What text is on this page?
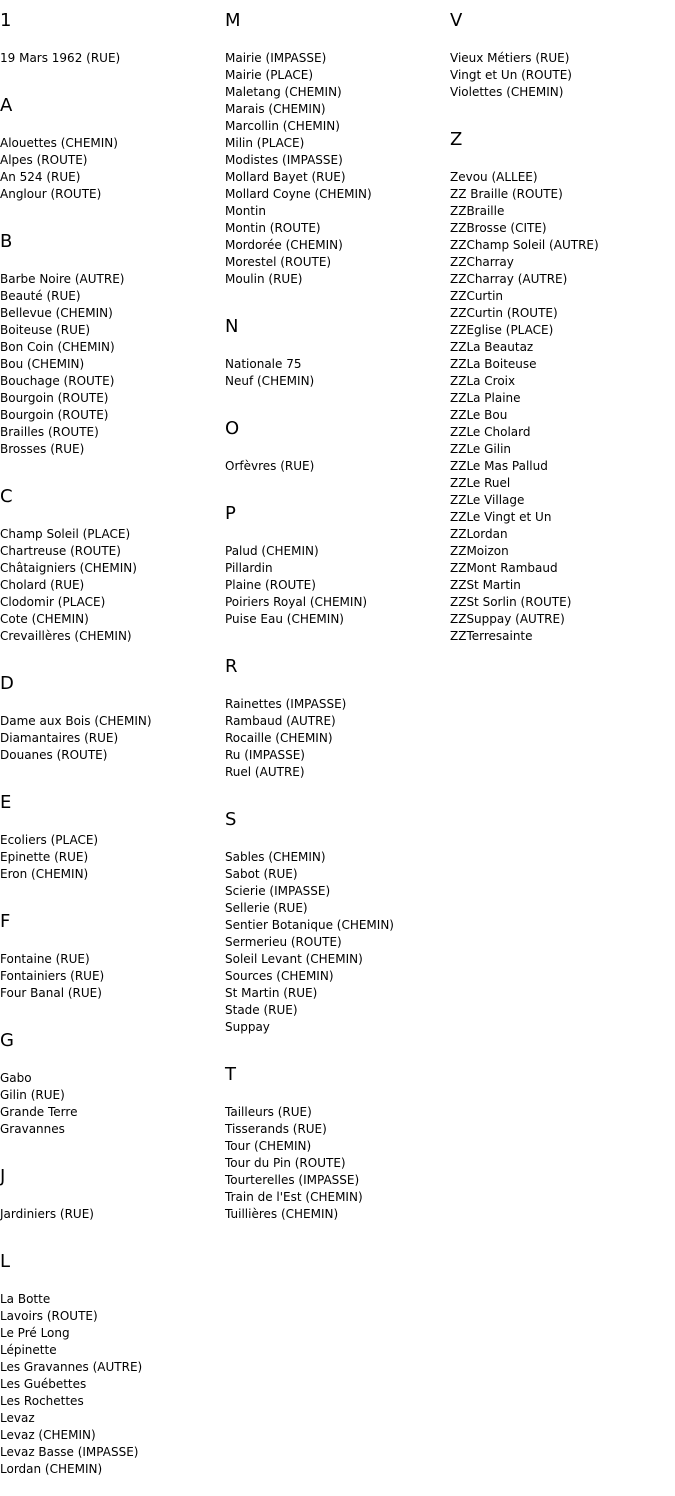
1
19 Mars 1962 (RUE)
A
Alouettes (CHEMIN)
Alpes (ROUTE)
An 524 (RUE)
Anglour (ROUTE)
B
Barbe Noire (AUTRE)
Beauté (RUE)
Bellevue (CHEMIN)
Boiteuse (RUE)
Bon Coin (CHEMIN)
Bou (CHEMIN)
Bouchage (ROUTE)
Bourgoin (ROUTE)
Bourgoin (ROUTE)
Brailles (ROUTE)
Brosses (RUE)
C
Champ Soleil (PLACE)
Chartreuse (ROUTE)
Châtaigniers (CHEMIN)
Cholard (RUE)
Clodomir (PLACE)
Cote (CHEMIN)
Crevaillères (CHEMIN)
D
Dame aux Bois (CHEMIN)
Diamantaires (RUE)
Douanes (ROUTE)
E
Ecoliers (PLACE)
Epinette (RUE)
Eron (CHEMIN)
F
Fontaine (RUE)
Fontainiers (RUE)
Four Banal (RUE)
G
Gabo
Gilin (RUE)
Grande Terre
Gravannes
J
Jardiniers (RUE)
L
La Botte
Lavoirs (ROUTE)
Le Pré Long
Lépinette
Les Gravannes (AUTRE)
Les Guébettes
Les Rochettes
Levaz
Levaz (CHEMIN)
Levaz Basse (IMPASSE)
Lordan (CHEMIN)
M
Mairie (IMPASSE)
Mairie (PLACE)
Maletang (CHEMIN)
Marais (CHEMIN)
Marcollin (CHEMIN)
Milin (PLACE)
Modistes (IMPASSE)
Mollard Bayet (RUE)
Mollard Coyne (CHEMIN)
Montin
Montin (ROUTE)
Mordorée (CHEMIN)
Morestel (ROUTE)
Moulin (RUE)
N
Nationale 75
Neuf (CHEMIN)
O
Orfèvres (RUE)
P
Palud (CHEMIN)
Pillardin
Plaine (ROUTE)
Poiriers Royal (CHEMIN)
Puise Eau (CHEMIN)
R
Rainettes (IMPASSE)
Rambaud (AUTRE)
Rocaille (CHEMIN)
Ru (IMPASSE)
Ruel (AUTRE)
S
Sables (CHEMIN)
Sabot (RUE)
Scierie (IMPASSE)
Sellerie (RUE)
Sentier Botanique (CHEMIN)
Sermerieu (ROUTE)
Soleil Levant (CHEMIN)
Sources (CHEMIN)
St Martin (RUE)
Stade (RUE)
Suppay
T
Tailleurs (RUE)
Tisserands (RUE)
Tour (CHEMIN)
Tour du Pin (ROUTE)
Tourterelles (IMPASSE)
Train de l'Est (CHEMIN)
Tuillières (CHEMIN)
V
Vieux Métiers (RUE)
Vingt et Un (ROUTE)
Violettes (CHEMIN)
Z
Zevou (ALLEE)
ZZ Braille (ROUTE)
ZZBraille
ZZBrosse (CITE)
ZZChamp Soleil (AUTRE)
ZZCharray
ZZCharray (AUTRE)
ZZCurtin
ZZCurtin (ROUTE)
ZZEglise (PLACE)
ZZLa Beautaz
ZZLa Boiteuse
ZZLa Croix
ZZLa Plaine
ZZLe Bou
ZZLe Cholard
ZZLe Gilin
ZZLe Mas Pallud
ZZLe Ruel
ZZLe Village
ZZLe Vingt et Un
ZZLordan
ZZMoizon
ZZMont Rambaud
ZZSt Martin
ZZSt Sorlin (ROUTE)
ZZSuppay (AUTRE)
ZZTerresainte
